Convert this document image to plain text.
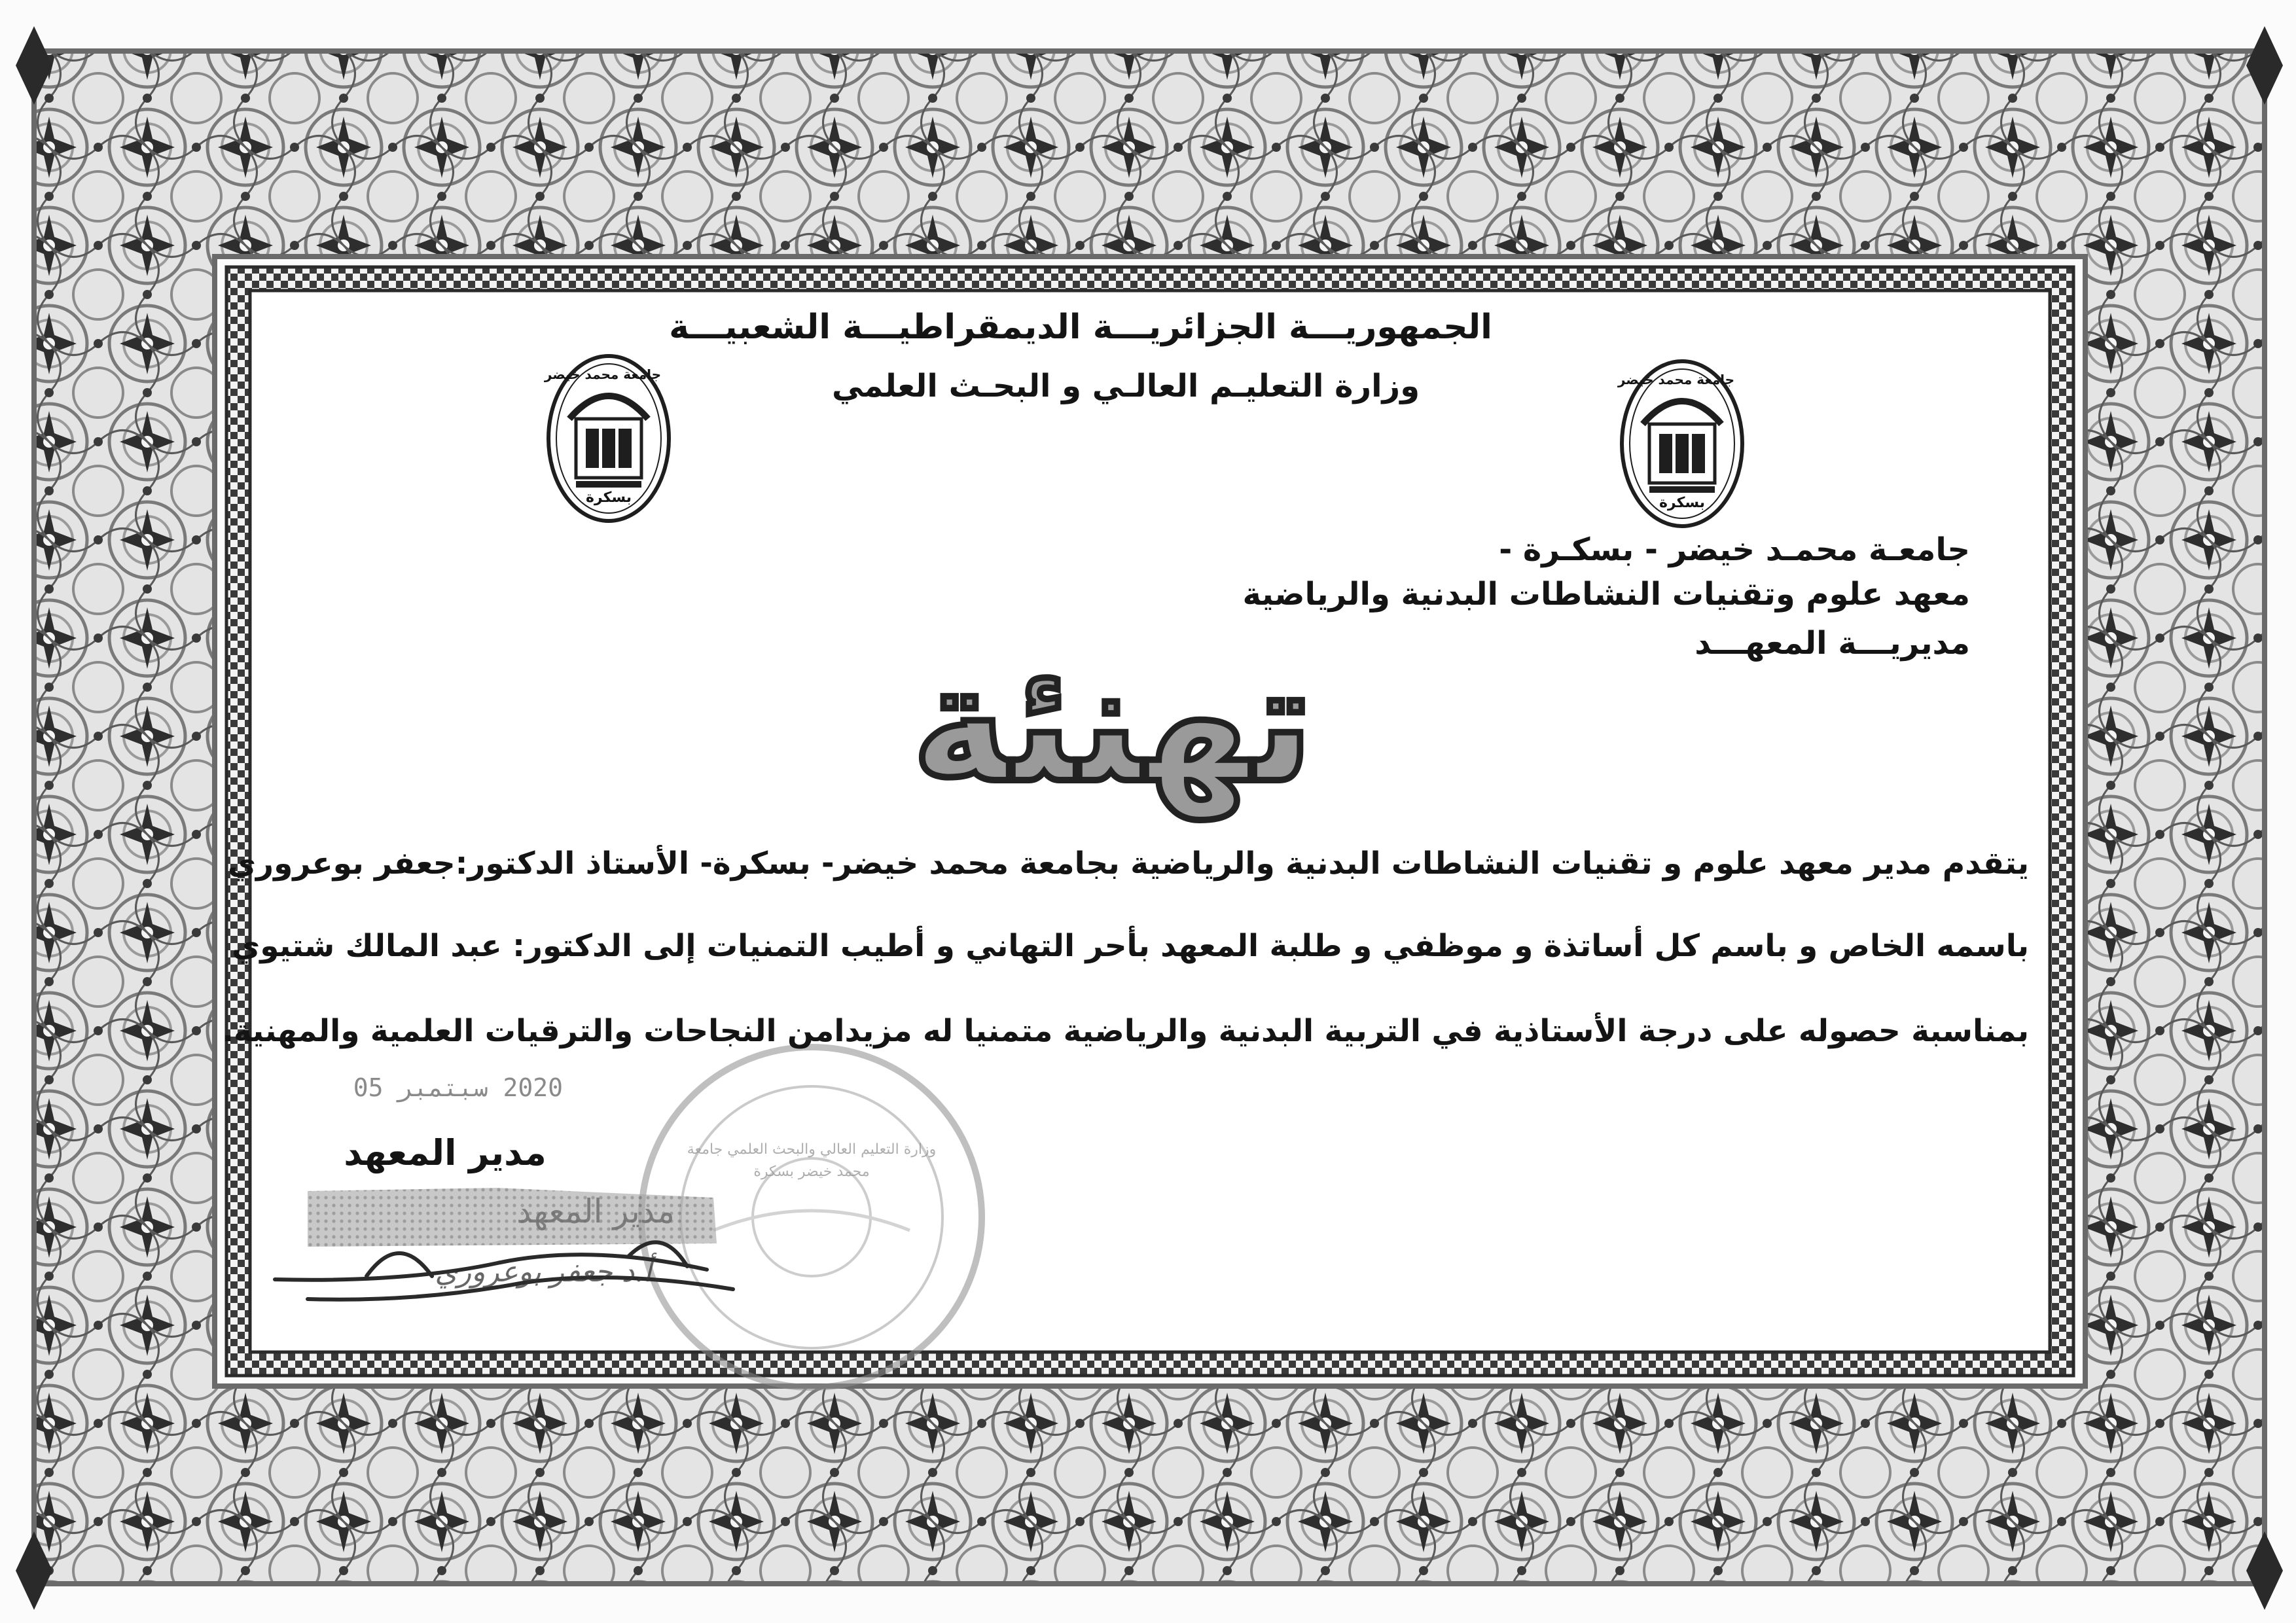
الجمهوريـــة الجزائريـــة الديمقراطيـــة الشعبيـــة
وزارة التعليـم العالـي و البحـث العلمي
جامعة محمد خيضر
بسكرة
جامعة محمد خيضر
بسكرة
جامعـة محمـد خيضر - بسكـرة -
معهد علوم وتقنيات النشاطات البدنية والرياضية
مديريـــة المعهـــد
تهنئة
يتقدم مدير معهد علوم و تقنيات النشاطات البدنية والرياضية بجامعة محمد خيضر- بسكرة- الأستاذ الدكتور:جعفر بوعروري
باسمه الخاص و باسم كل أساتذة و موظفي و طلبة المعهد بأحر التهاني و أطيب التمنيات إلى الدكتور: عبد المالك شتيوي
بمناسبة حصوله على درجة الأستاذية في التربية البدنية والرياضية متمنيا له مزيدامن النجاحات والترقيات العلمية والمهنية.
2020 سبتمبر 05
مدير المعهد
مدير المعهد
أ.د جعفر بوعروري
وزارة التعليم العالي والبحث العلمي جامعة محمد خيضر بسكرة
